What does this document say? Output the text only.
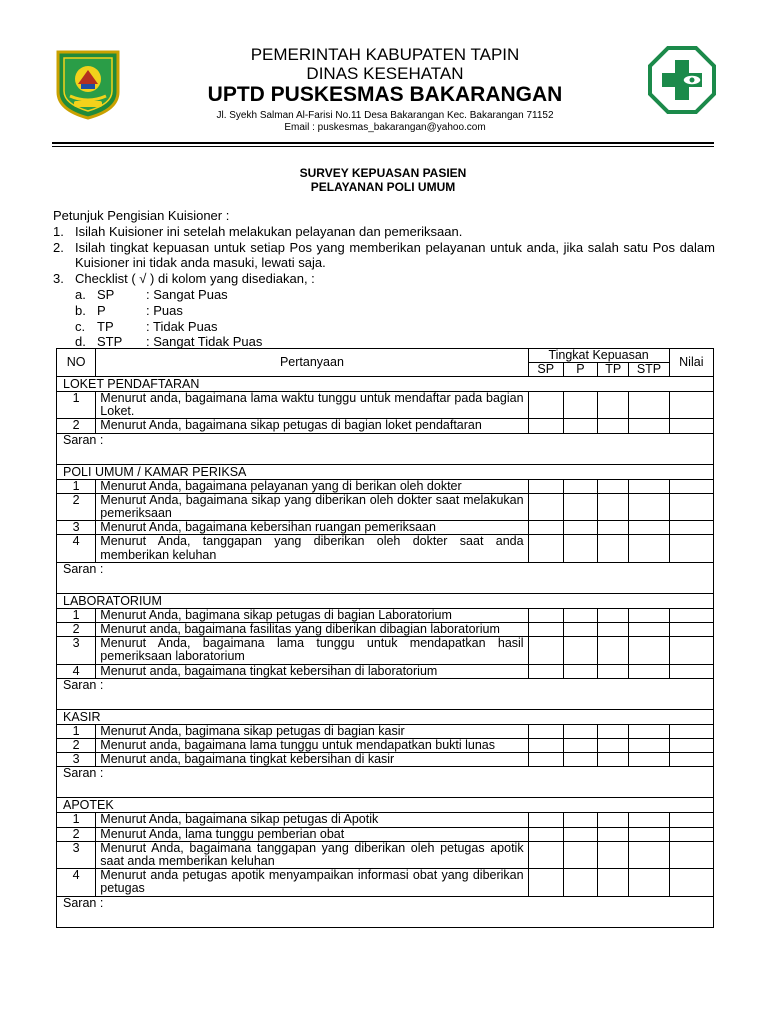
PEMERINTAH KABUPATEN TAPIN
DINAS KESEHATAN
UPTD PUSKESMAS BAKARANGAN
Jl. Syekh Salman Al-Farisi No.11 Desa Bakarangan Kec. Bakarangan 71152
Email : puskesmas_bakarangan@yahoo.com
SURVEY KEPUASAN PASIEN
PELAYANAN POLI UMUM

Petunjuk Pengisian Kuisioner :

1. Isilah Kuisioner ini setelah melakukan pelayanan dan pemeriksaan.
2. Isilah tingkat kepuasan untuk setiap Pos yang memberikan pelayanan untuk anda, jika salah satu Pos dalam Kuisioner ini tidak anda masuki, lewati saja.
3. Checklist ( √ ) di kolom yang disediakan, :
a. SP	: Sangat Puas
b. P	: Puas
c. TP	: Tidak Puas
d. STP	: Sangat Tidak Puas
NO	Pertanyaan	Tingkat Kepuasan				Nilai
		SP	P	TP	STP	
LOKET PENDAFTARAN						
1	Menurut anda, bagaimana lama waktu tunggu untuk mendaftar pada bagian Loket.					
2	Menurut Anda, bagaimana sikap petugas di bagian loket pendaftaran					
Saran :						
POLI UMUM / KAMAR PERIKSA						
1	Menurut Anda, bagaimana pelayanan yang di berikan oleh dokter					
2	Menurut Anda, bagaimana sikap yang diberikan oleh dokter saat melakukan pemeriksaan					
3	Menurut Anda, bagaimana kebersihan ruangan pemeriksaan					
4	Menurut Anda, tanggapan yang diberikan oleh dokter saat anda memberikan keluhan					
Saran :						
LABORATORIUM						
1	Menurut Anda, bagimana sikap petugas di bagian Laboratorium					
2	Menurut anda, bagaimana fasilitas yang diberikan dibagian laboratorium					
3	Menurut Anda, bagaimana lama tunggu untuk mendapatkan hasil pemeriksaan laboratorium					
4	Menurut anda, bagaimana tingkat kebersihan di laboratorium					
Saran :						
KASIR						
1	Menurut Anda, bagimana sikap petugas di bagian kasir					
2	Menurut anda, bagaimana lama tunggu untuk mendapatkan bukti lunas					
3	Menurut anda, bagaimana tingkat kebersihan di kasir					
Saran :						
APOTEK						
1	Menurut Anda, bagaimana sikap petugas di Apotik					
2	Menurut Anda, lama tunggu pemberian obat					
3	Menurut Anda, bagaimana tanggapan yang diberikan oleh petugas apotik saat anda memberikan keluhan					
4	Menurut anda petugas apotik menyampaikan informasi obat yang diberikan petugas					
Saran :						
